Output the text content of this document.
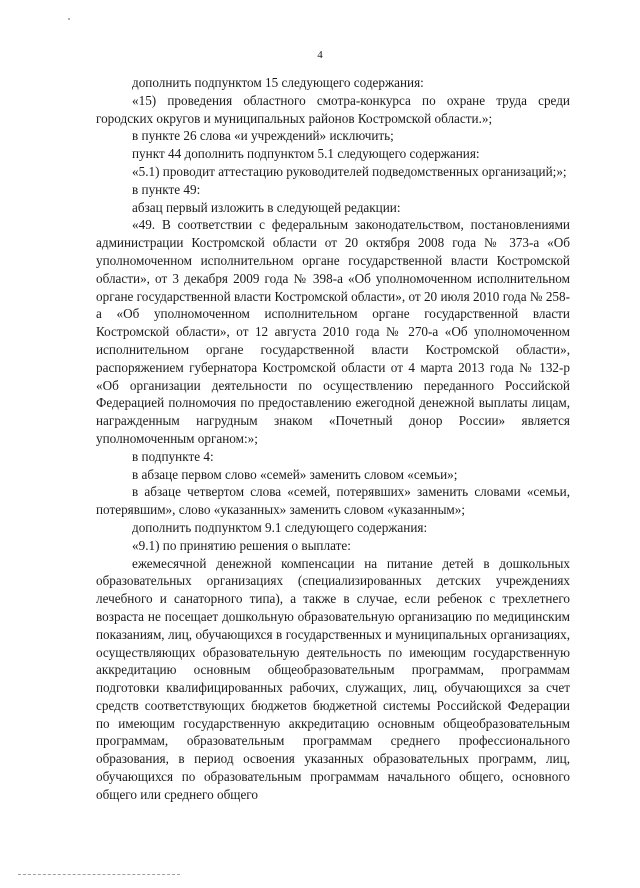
4

дополнить подпунктом 15 следующего содержания:

«15) проведения областного смотра-конкурса по охране труда среди городских округов и муниципальных районов Костромской области.»;

в пункте 26 слова «и учреждений» исключить;

пункт 44 дополнить подпунктом 5.1 следующего содержания:

«5.1) проводит аттестацию руководителей подведомственных организаций;»;

в пункте 49:

абзац первый изложить в следующей редакции:

«49. В соответствии с федеральным законодательством, постановлениями администрации Костромской области от 20 октября 2008 года № 373-а «Об уполномоченном исполнительном органе государственной власти Костромской области», от 3 декабря 2009 года № 398-а «Об уполномоченном исполнительном органе государственной власти Костромской области», от 20 июля 2010 года № 258-а «Об уполномоченном исполнительном органе государственной власти Костромской области», от 12 августа 2010 года № 270-а «Об уполномоченном исполнительном органе государственной власти Костромской области», распоряжением губернатора Костромской области от 4 марта 2013 года № 132-р «Об организации деятельности по осуществлению переданного Российской Федерацией полномочия по предоставлению ежегодной денежной выплаты лицам, награжденным нагрудным знаком «Почетный донор России» является уполномоченным органом:»;

в подпункте 4:

в абзаце первом слово «семей» заменить словом «семьи»;

в абзаце четвертом слова «семей, потерявших» заменить словами «семьи, потерявшим», слово «указанных» заменить словом «указанным»;

дополнить подпунктом 9.1 следующего содержания:

«9.1) по принятию решения о выплате:

ежемесячной денежной компенсации на питание детей в дошкольных образовательных организациях (специализированных детских учреждениях лечебного и санаторного типа), а также в случае, если ребенок с трехлетнего возраста не посещает дошкольную образовательную организацию по медицинским показаниям, лиц, обучающихся в государственных и муниципальных организациях, осуществляющих образовательную деятельность по имеющим государственную аккредитацию основным общеобразовательным программам, программам подготовки квалифицированных рабочих, служащих, лиц, обучающихся за счет средств соответствующих бюджетов бюджетной системы Российской Федерации по имеющим государственную аккредитацию основным общеобразовательным программам, образовательным программам среднего профессионального образования, в период освоения указанных образовательных программ, лиц, обучающихся по образовательным программам начального общего, основного общего или среднего общего
